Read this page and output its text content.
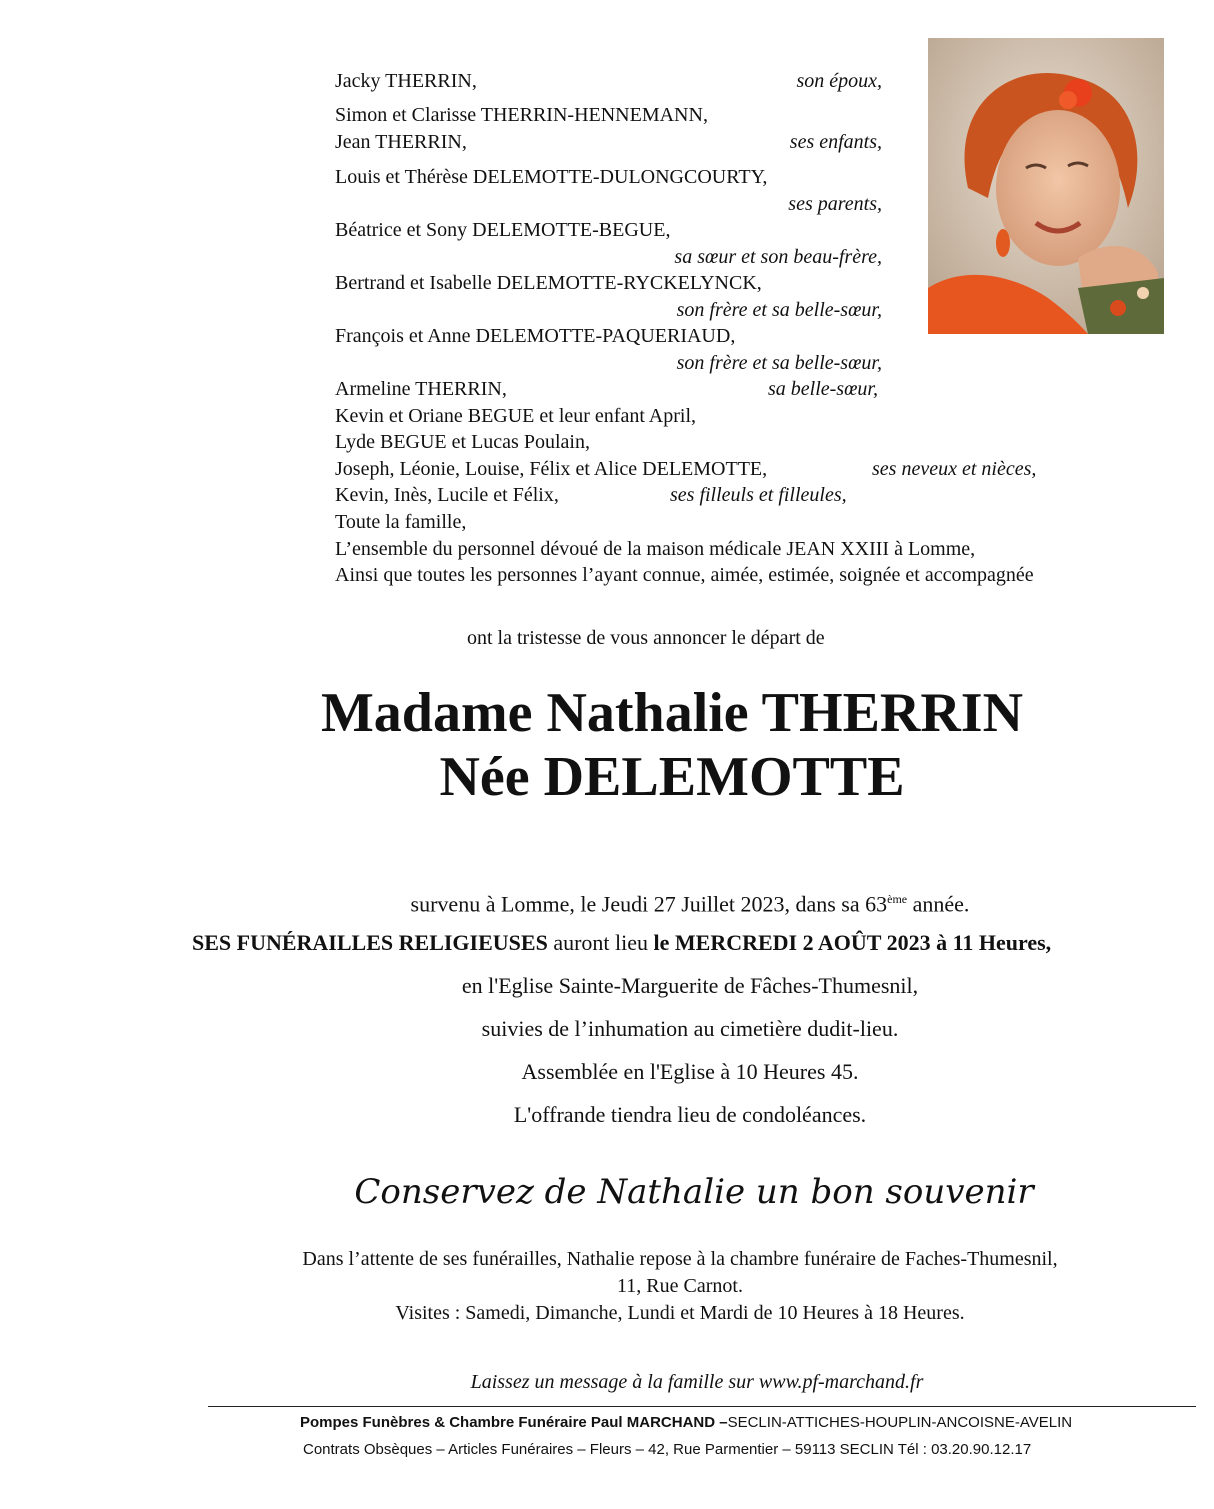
Jacky THERRIN,	son époux,
Simon et Clarisse THERRIN-HENNEMANN,
Jean THERRIN,	ses enfants,
Louis et Thérèse DELEMOTTE-DULONGCOURTY,
ses parents,
Béatrice et Sony DELEMOTTE-BEGUE,
sa sœur et son beau-frère,
Bertrand et Isabelle DELEMOTTE-RYCKELYNCK,
son frère et sa belle-sœur,
François et Anne DELEMOTTE-PAQUERIAUD,
son frère et sa belle-sœur,
Armeline THERRIN,	sa belle-sœur,
Kevin et Oriane BEGUE et leur enfant April,
Lyde BEGUE et Lucas Poulain,
Joseph, Léonie, Louise, Félix et Alice DELEMOTTE,	ses neveux et nièces,
Kevin, Inès, Lucile et Félix,	ses filleuls et filleules,
Toute la famille,
L’ensemble du personnel dévoué de la maison médicale JEAN XXIII à Lomme,
Ainsi que toutes les personnes l’ayant connue, aimée, estimée, soignée et accompagnée
ont la tristesse de vous annoncer le départ de
Madame Nathalie THERRIN
Née DELEMOTTE
survenu à Lomme, le Jeudi 27 Juillet 2023, dans sa 63ème année.
SES FUNÉRAILLES RELIGIEUSES auront lieu le MERCREDI 2 AOÛT 2023 à 11 Heures,
en l'Eglise Sainte-Marguerite de Fâches-Thumesnil,
suivies de l’inhumation au cimetière dudit-lieu.
Assemblée en l'Eglise à 10 Heures 45.
L'offrande tiendra lieu de condoléances.
Conservez de Nathalie un bon souvenir
Dans l’attente de ses funérailles, Nathalie repose à la chambre funéraire de Faches-Thumesnil,
11, Rue Carnot.
Visites : Samedi, Dimanche, Lundi et Mardi de 10 Heures à 18 Heures.
Laissez un message à la famille sur www.pf-marchand.fr
Pompes Funèbres & Chambre Funéraire Paul MARCHAND –SECLIN-ATTICHES-HOUPLIN-ANCOISNE-AVELIN
Contrats Obsèques – Articles Funéraires – Fleurs – 42, Rue Parmentier – 59113 SECLIN Tél : 03.20.90.12.17
